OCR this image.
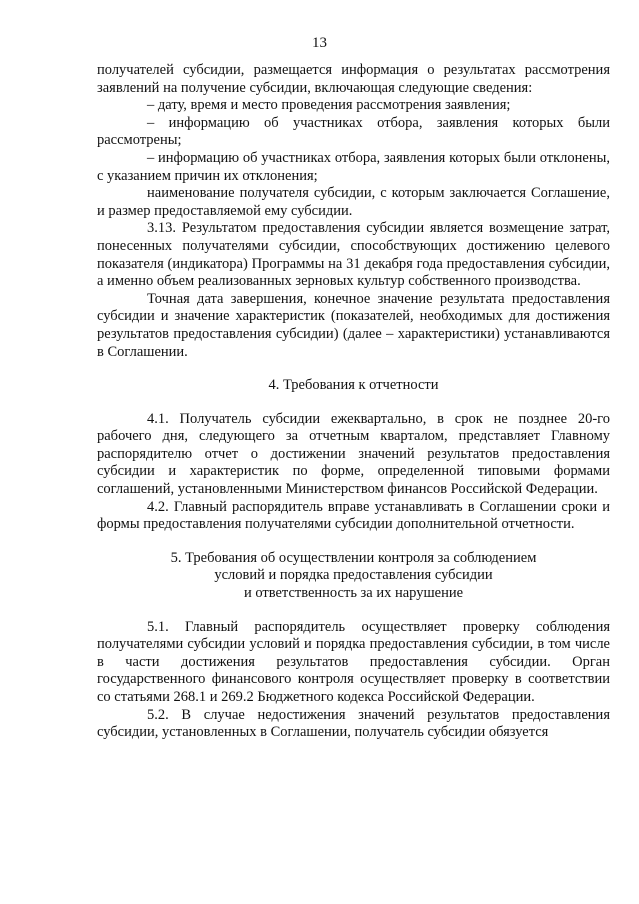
13

получателей субсидии, размещается информация о результатах рассмотрения заявлений на получение субсидии, включающая следующие сведения:

– дату, время и место проведения рассмотрения заявления;

– информацию об участниках отбора, заявления которых были рассмотрены;

– информацию об участниках отбора, заявления которых были отклонены, с указанием причин их отклонения;

наименование получателя субсидии, с которым заключается Соглашение, и размер предоставляемой ему субсидии.

3.13. Результатом предоставления субсидии является возмещение затрат, понесенных получателями субсидии, способствующих достижению целевого показателя (индикатора) Программы на 31 декабря года предоставления субсидии, а именно объем реализованных зерновых культур собственного производства.

Точная дата завершения, конечное значение результата предоставления субсидии и значение характеристик (показателей, необходимых для достижения результатов предоставления субсидии) (далее – характеристики) устанавливаются в Соглашении.

4. Требования к отчетности

4.1. Получатель субсидии ежеквартально, в срок не позднее 20-го рабочего дня, следующего за отчетным кварталом, представляет Главному распорядителю отчет о достижении значений результатов предоставления субсидии и характеристик по форме, определенной типовыми формами соглашений, установленными Министерством финансов Российской Федерации.

4.2. Главный распорядитель вправе устанавливать в Соглашении сроки и формы предоставления получателями субсидии дополнительной отчетности.

5. Требования об осуществлении контроля за соблюдением
условий и порядка предоставления субсидии
и ответственность за их нарушение

5.1. Главный распорядитель осуществляет проверку соблюдения получателями субсидии условий и порядка предоставления субсидии, в том числе в части достижения результатов предоставления субсидии. Орган государственного финансового контроля осуществляет проверку в соответствии со статьями 268.1 и 269.2 Бюджетного кодекса Российской Федерации.

5.2. В случае недостижения значений результатов предоставления субсидии, установленных в Соглашении, получатель субсидии обязуется
